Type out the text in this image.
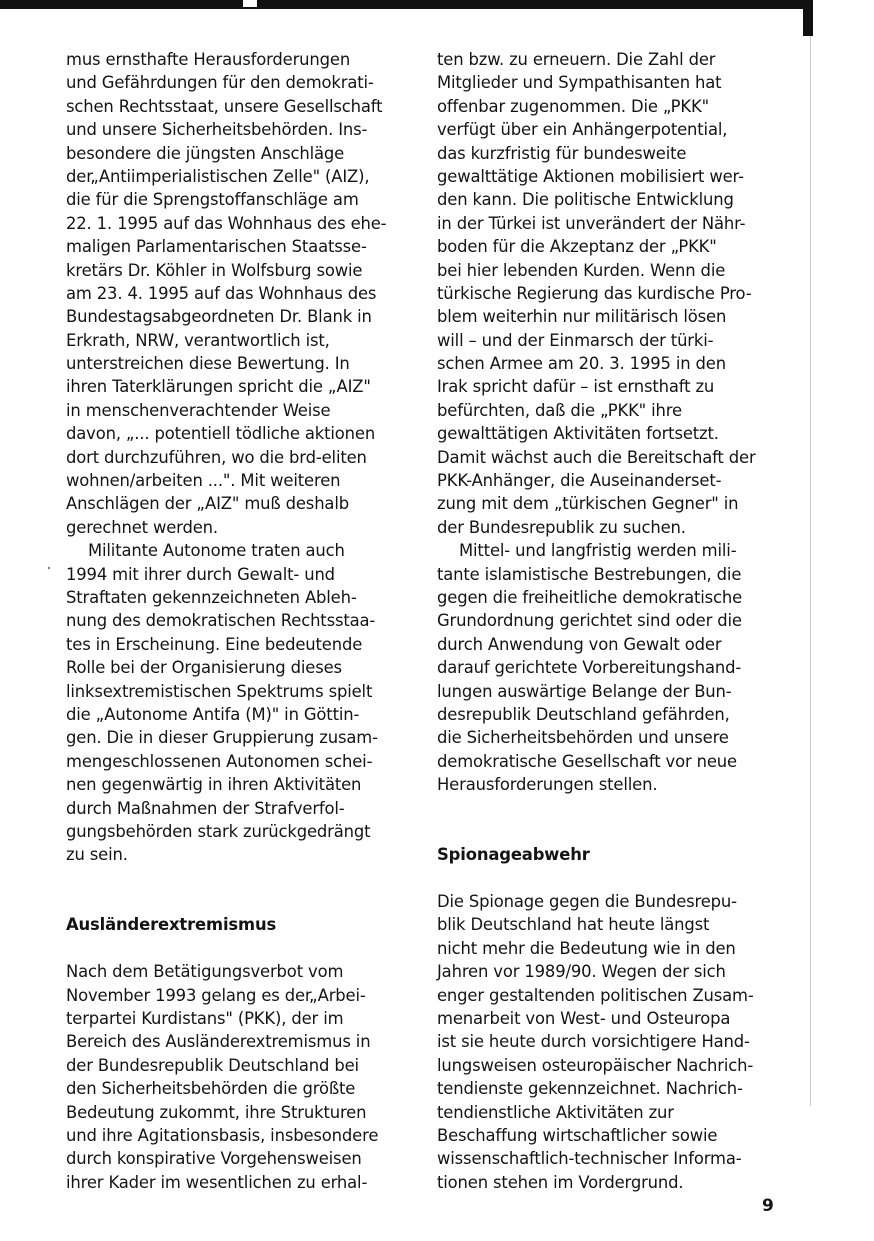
mus ernsthafte Herausforderungen
und Gefährdungen für den demokrati-
schen Rechtsstaat, unsere Gesellschaft
und unsere Sicherheitsbehörden. Ins-
besondere die jüngsten Anschläge
der„Antiimperialistischen Zelle" (AIZ),
die für die Sprengstoffanschläge am
22. 1. 1995 auf das Wohnhaus des ehe-
maligen Parlamentarischen Staatsse-
kretärs Dr. Köhler in Wolfsburg sowie
am 23. 4. 1995 auf das Wohnhaus des
Bundestagsabgeordneten Dr. Blank in
Erkrath, NRW, verantwortlich ist,
unterstreichen diese Bewertung. In
ihren Taterklärungen spricht die „AIZ"
in menschenverachtender Weise
davon, „... potentiell tödliche aktionen
dort durchzuführen, wo die brd-eliten
wohnen/arbeiten ...". Mit weiteren
Anschlägen der „AIZ" muß deshalb
gerechnet werden.
Militante Autonome traten auch
1994 mit ihrer durch Gewalt- und
Straftaten gekennzeichneten Ableh-
nung des demokratischen Rechtsstaa-
tes in Erscheinung. Eine bedeutende
Rolle bei der Organisierung dieses
linksextremistischen Spektrums spielt
die „Autonome Antifa (M)" in Göttin-
gen. Die in dieser Gruppierung zusam-
mengeschlossenen Autonomen schei-
nen gegenwärtig in ihren Aktivitäten
durch Maßnahmen der Strafverfol-
gungsbehörden stark zurückgedrängt
zu sein.
Ausländerextremismus
Nach dem Betätigungsverbot vom
November 1993 gelang es der„Arbei-
terpartei Kurdistans" (PKK), der im
Bereich des Ausländerextremismus in
der Bundesrepublik Deutschland bei
den Sicherheitsbehörden die größte
Bedeutung zukommt, ihre Strukturen
und ihre Agitationsbasis, insbesondere
durch konspirative Vorgehensweisen
ihrer Kader im wesentlichen zu erhal-
ten bzw. zu erneuern. Die Zahl der
Mitglieder und Sympathisanten hat
offenbar zugenommen. Die „PKK"
verfügt über ein Anhängerpotential,
das kurzfristig für bundesweite
gewalttätige Aktionen mobilisiert wer-
den kann. Die politische Entwicklung
in der Türkei ist unverändert der Nähr-
boden für die Akzeptanz der „PKK"
bei hier lebenden Kurden. Wenn die
türkische Regierung das kurdische Pro-
blem weiterhin nur militärisch lösen
will – und der Einmarsch der türki-
schen Armee am 20. 3. 1995 in den
Irak spricht dafür – ist ernsthaft zu
befürchten, daß die „PKK" ihre
gewalttätigen Aktivitäten fortsetzt.
Damit wächst auch die Bereitschaft der
PKK-Anhänger, die Auseinanderset-
zung mit dem „türkischen Gegner" in
der Bundesrepublik zu suchen.
Mittel- und langfristig werden mili-
tante islamistische Bestrebungen, die
gegen die freiheitliche demokratische
Grundordnung gerichtet sind oder die
durch Anwendung von Gewalt oder
darauf gerichtete Vorbereitungshand-
lungen auswärtige Belange der Bun-
desrepublik Deutschland gefährden,
die Sicherheitsbehörden und unsere
demokratische Gesellschaft vor neue
Herausforderungen stellen.
Spionageabwehr
Die Spionage gegen die Bundesrepu-
blik Deutschland hat heute längst
nicht mehr die Bedeutung wie in den
Jahren vor 1989/90. Wegen der sich
enger gestaltenden politischen Zusam-
menarbeit von West- und Osteuropa
ist sie heute durch vorsichtigere Hand-
lungsweisen osteuropäischer Nachrich-
tendienste gekennzeichnet. Nachrich-
tendienstliche Aktivitäten zur
Beschaffung wirtschaftlicher sowie
wissenschaftlich-technischer Informa-
tionen stehen im Vordergrund.
9
